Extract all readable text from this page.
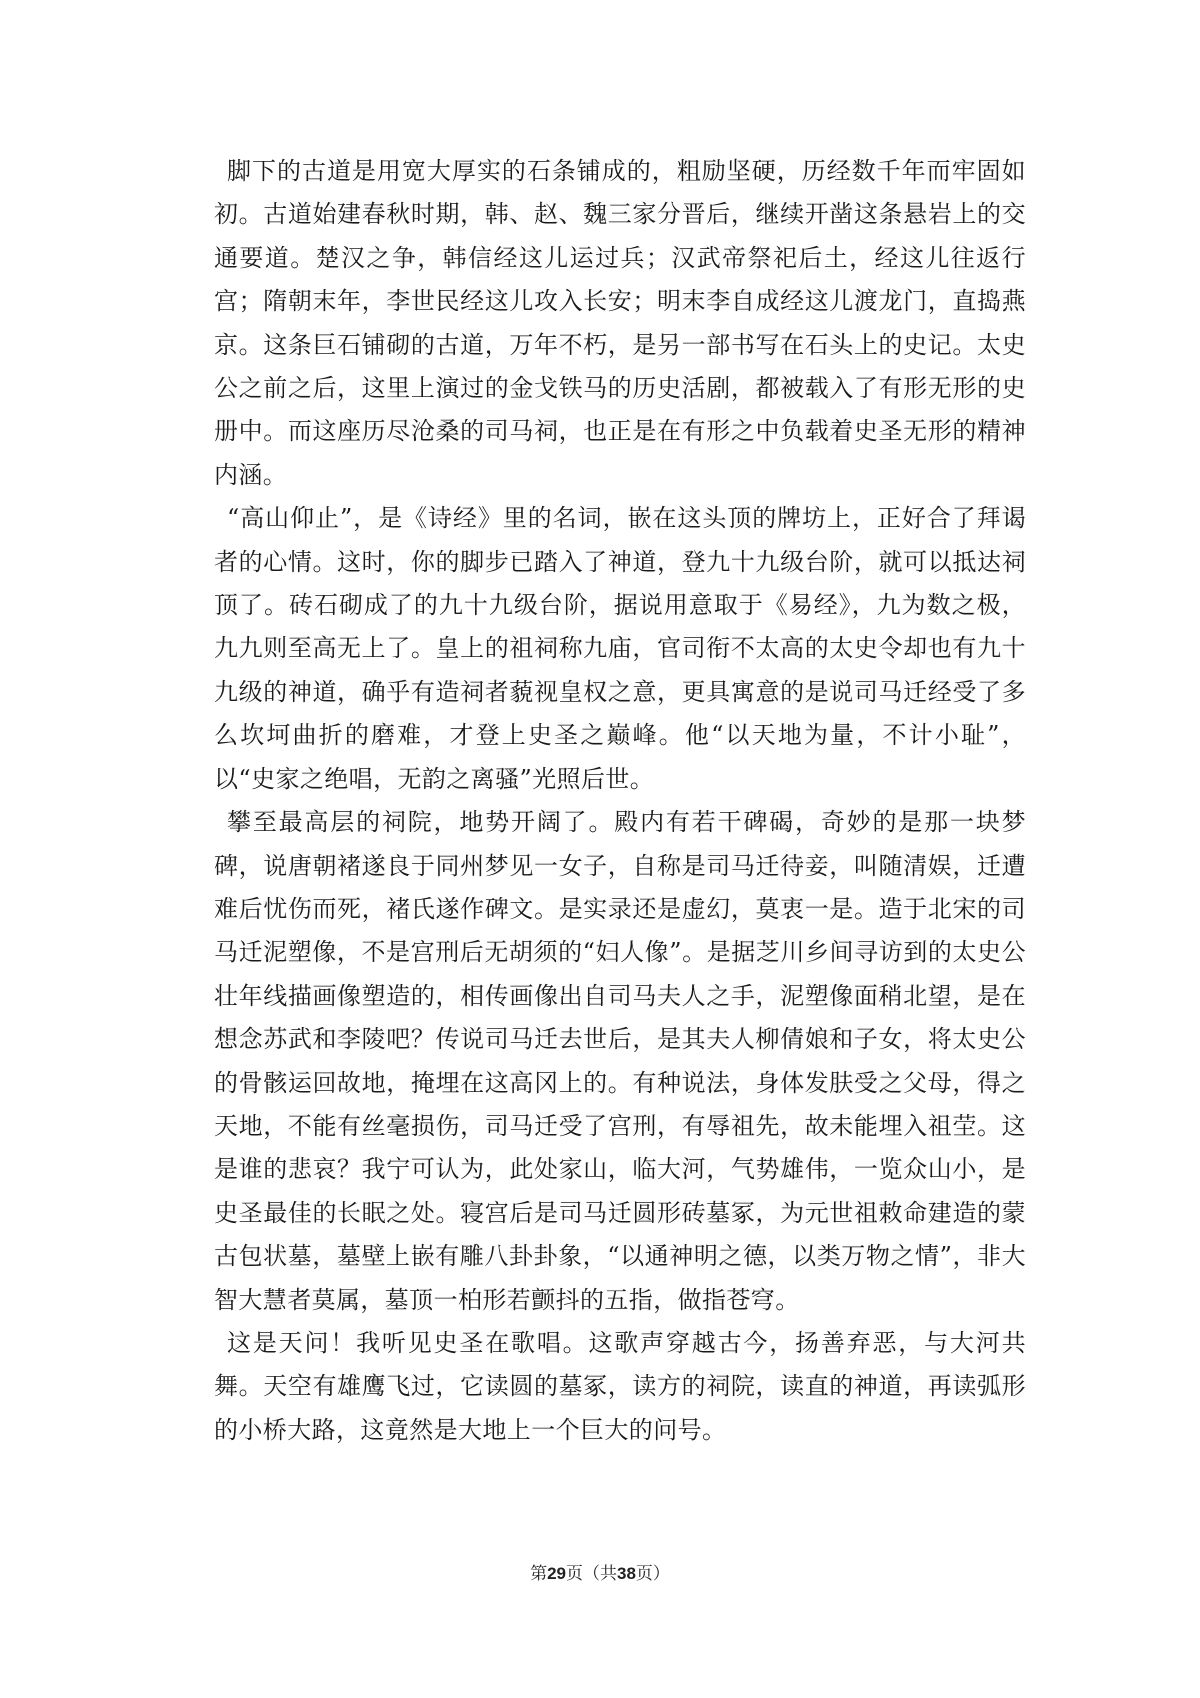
脚下的古道是用宽大厚实的石条铺成的，粗励坚硬，历经数千年而牢固如初。古道始建春秋时期，韩、赵、魏三家分晋后，继续开凿这条悬岩上的交通要道。楚汉之争，韩信经这儿运过兵；汉武帝祭祀后土，经这儿往返行宫；隋朝末年，李世民经这儿攻入长安；明末李自成经这儿渡龙门，直捣燕京。这条巨石铺砌的古道，万年不朽，是另一部书写在石头上的史记。太史公之前之后，这里上演过的金戈铁马的历史活剧，都被载入了有形无形的史册中。而这座历尽沧桑的司马祠，也正是在有形之中负载着史圣无形的精神内涵。

“高山仰止”，是《诗经》里的名词，嵌在这头顶的牌坊上，正好合了拜谒者的心情。这时，你的脚步已踏入了神道，登九十九级台阶，就可以抵达祠顶了。砖石砌成了的九十九级台阶，据说用意取于《易经》，九为数之极，九九则至高无上了。皇上的祖祠称九庙，官司衔不太高的太史令却也有九十九级的神道，确乎有造祠者藐视皇权之意，更具寓意的是说司马迁经受了多么坎坷曲折的磨难，才登上史圣之巅峰。他“以天地为量，不计小耻”，以“史家之绝唱，无韵之离骚”光照后世。

攀至最高层的祠院，地势开阔了。殿内有若干碑碣，奇妙的是那一块梦碑，说唐朝褚遂良于同州梦见一女子，自称是司马迁待妾，叫随清娱，迁遭难后忧伤而死，褚氏遂作碑文。是实录还是虚幻，莫衷一是。造于北宋的司马迁泥塑像，不是宫刑后无胡须的“妇人像”。是据芝川乡间寻访到的太史公壮年线描画像塑造的，相传画像出自司马夫人之手，泥塑像面稍北望，是在想念苏武和李陵吧？传说司马迁去世后，是其夫人柳倩娘和子女，将太史公的骨骸运回故地，掩埋在这高冈上的。有种说法，身体发肤受之父母，得之天地，不能有丝毫损伤，司马迁受了宫刑，有辱祖先，故未能埋入祖茔。这是谁的悲哀？我宁可认为，此处家山，临大河，气势雄伟，一览众山小，是史圣最佳的长眠之处。寝宫后是司马迁圆形砖墓冢，为元世祖敕命建造的蒙古包状墓，墓壁上嵌有雕八卦卦象，“以通神明之德，以类万物之情”，非大智大慧者莫属，墓顶一柏形若颤抖的五指，做指苍穹。

这是天问！我听见史圣在歌唱。这歌声穿越古今，扬善弃恶，与大河共舞。天空有雄鹰飞过，它读圆的墓冢，读方的祠院，读直的神道，再读弧形的小桥大路，这竟然是大地上一个巨大的问号。

第29页（共38页）
